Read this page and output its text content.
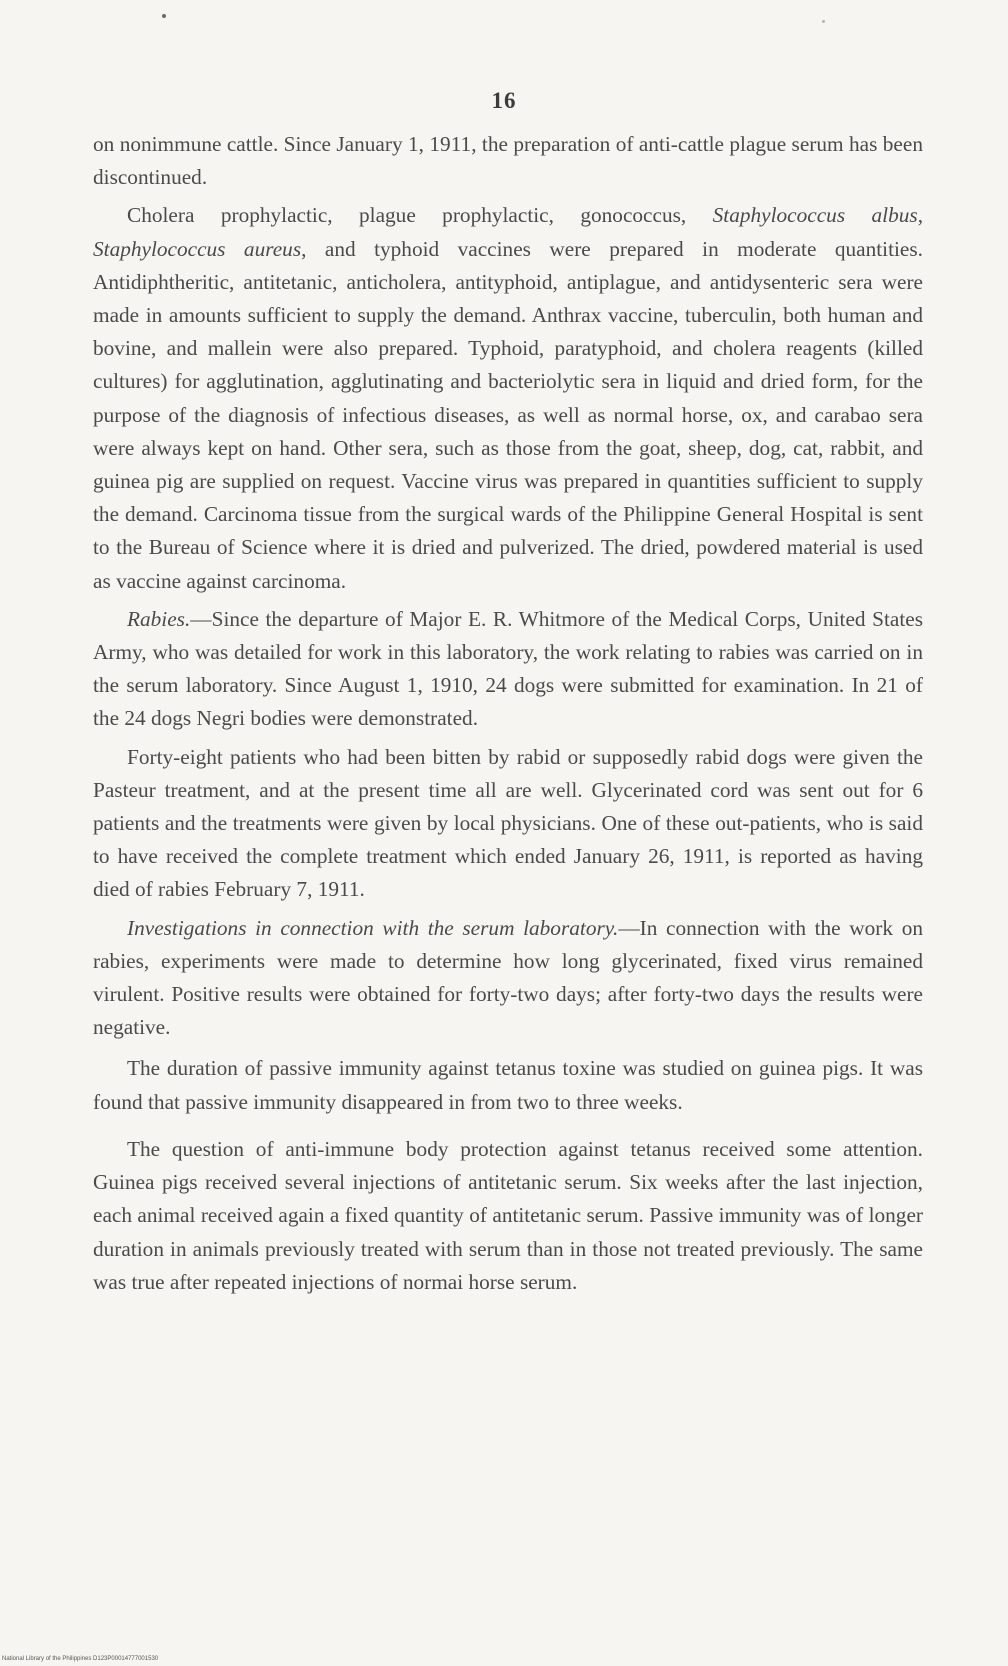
16

on nonimmune cattle. Since January 1, 1911, the preparation of anti-cattle plague serum has been discontinued.

Cholera prophylactic, plague prophylactic, gonococcus, Staphylococcus albus, Staphylococcus aureus, and typhoid vaccines were prepared in moderate quantities. Antidiphtheritic, antitetanic, anticholera, antityphoid, antiplague, and antidysenteric sera were made in amounts sufficient to supply the demand. Anthrax vaccine, tuberculin, both human and bovine, and mallein were also prepared. Typhoid, paratyphoid, and cholera reagents (killed cultures) for agglutination, agglutinating and bacteriolytic sera in liquid and dried form, for the purpose of the diagnosis of infectious diseases, as well as normal horse, ox, and carabao sera were always kept on hand. Other sera, such as those from the goat, sheep, dog, cat, rabbit, and guinea pig are supplied on request. Vaccine virus was prepared in quantities sufficient to supply the demand. Carcinoma tissue from the surgical wards of the Philippine General Hospital is sent to the Bureau of Science where it is dried and pulverized. The dried, powdered material is used as vaccine against carcinoma.

Rabies.—Since the departure of Major E. R. Whitmore of the Medical Corps, United States Army, who was detailed for work in this laboratory, the work relating to rabies was carried on in the serum laboratory. Since August 1, 1910, 24 dogs were submitted for examination. In 21 of the 24 dogs Negri bodies were demonstrated.

Forty-eight patients who had been bitten by rabid or supposedly rabid dogs were given the Pasteur treatment, and at the present time all are well. Glycerinated cord was sent out for 6 patients and the treatments were given by local physicians. One of these out-patients, who is said to have received the complete treatment which ended January 26, 1911, is reported as having died of rabies February 7, 1911.

Investigations in connection with the serum laboratory.—In connection with the work on rabies, experiments were made to determine how long glycerinated, fixed virus remained virulent. Positive results were obtained for forty-two days; after forty-two days the results were negative.

The duration of passive immunity against tetanus toxine was studied on guinea pigs. It was found that passive immunity disappeared in from two to three weeks.

The question of anti-immune body protection against tetanus received some attention. Guinea pigs received several injections of antitetanic serum. Six weeks after the last injection, each animal received again a fixed quantity of antitetanic serum. Passive immunity was of longer duration in animals previously treated with serum than in those not treated previously. The same was true after repeated injections of normai horse serum.

National Library of the Philippines D123P00014777001530
